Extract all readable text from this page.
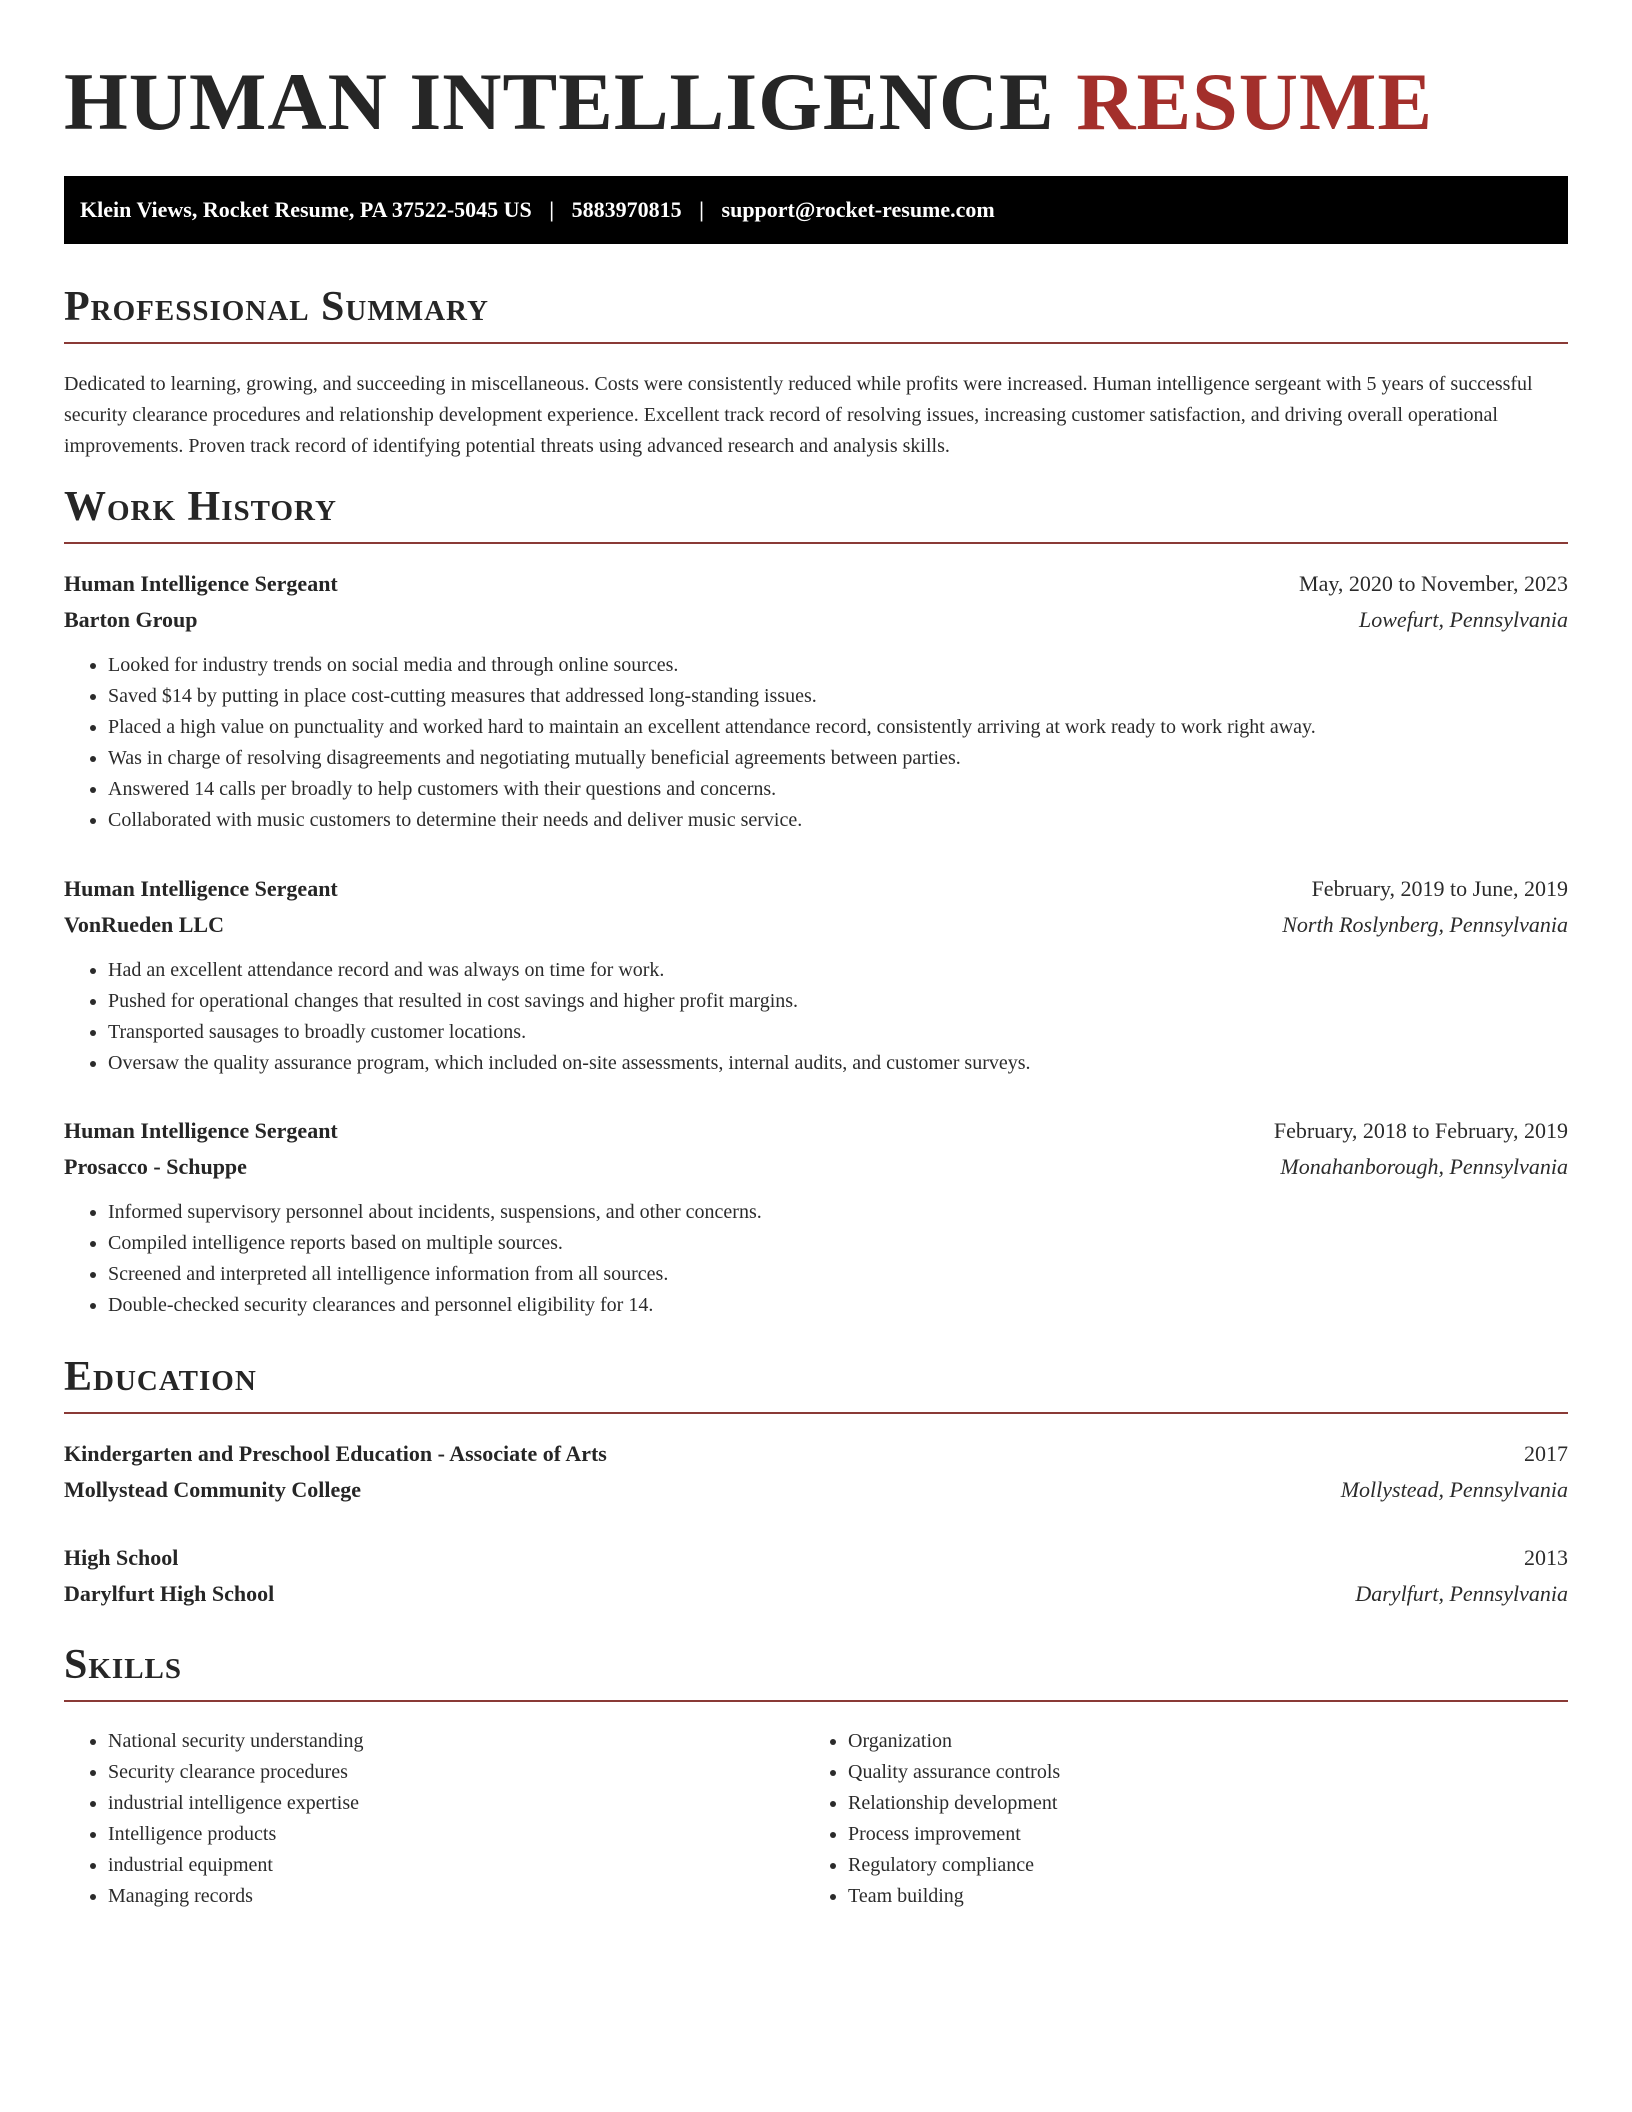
HUMAN INTELLIGENCE RESUME
Klein Views, Rocket Resume, PA 37522-5045 US | 5883970815 | support@rocket-resume.com
Professional Summary

Dedicated to learning, growing, and succeeding in miscellaneous. Costs were consistently reduced while profits were increased. Human intelligence sergeant with 5 years of successful security clearance procedures and relationship development experience. Excellent track record of resolving issues, increasing customer satisfaction, and driving overall operational improvements. Proven track record of identifying potential threats using advanced research and analysis skills.

Work History
Human Intelligence Sergeant	May, 2020 to November, 2023
Barton Group	Lowefurt, Pennsylvania
• Looked for industry trends on social media and through online sources.
• Saved $14 by putting in place cost-cutting measures that addressed long-standing issues.
• Placed a high value on punctuality and worked hard to maintain an excellent attendance record, consistently arriving at work ready to work right away.
• Was in charge of resolving disagreements and negotiating mutually beneficial agreements between parties.
• Answered 14 calls per broadly to help customers with their questions and concerns.
• Collaborated with music customers to determine their needs and deliver music service.
Human Intelligence Sergeant	February, 2019 to June, 2019
VonRueden LLC	North Roslynberg, Pennsylvania
• Had an excellent attendance record and was always on time for work.
• Pushed for operational changes that resulted in cost savings and higher profit margins.
• Transported sausages to broadly customer locations.
• Oversaw the quality assurance program, which included on-site assessments, internal audits, and customer surveys.
Human Intelligence Sergeant	February, 2018 to February, 2019
Prosacco - Schuppe	Monahanborough, Pennsylvania
• Informed supervisory personnel about incidents, suspensions, and other concerns.
• Compiled intelligence reports based on multiple sources.
• Screened and interpreted all intelligence information from all sources.
• Double-checked security clearances and personnel eligibility for 14.
Education
Kindergarten and Preschool Education - Associate of Arts	2017
Mollystead Community College	Mollystead, Pennsylvania
High School	2013
Darylfurt High School	Darylfurt, Pennsylvania
Skills
• National security understanding
• Security clearance procedures
• industrial intelligence expertise
• Intelligence products
• industrial equipment
• Managing records
• Organization
• Quality assurance controls
• Relationship development
• Process improvement
• Regulatory compliance
• Team building
